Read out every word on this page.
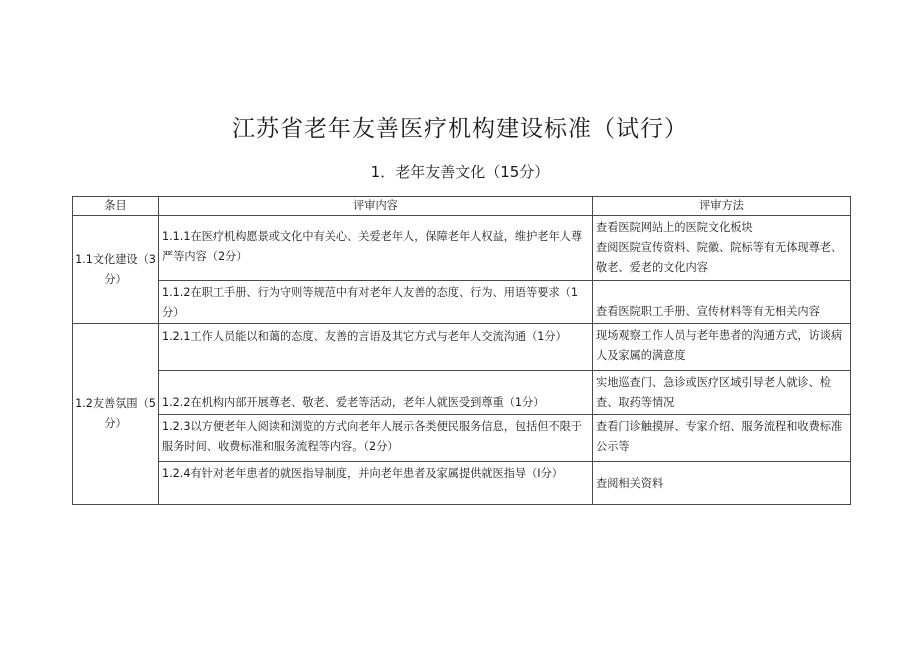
江苏省老年友善医疗机构建设标准（试行）
1．老年友善文化（15分）
条目	评审内容	评审方法
1.1文化建设（3分）	1.1.1在医疗机构愿景或文化中有关心、关爱老年人，保障老年人权益，维护老年人尊严等内容（2分）	查看医院网站上的医院文化板块
查阅医院宣传资料、院徽、院标等有无体现尊老、敬老、爱老的文化内容
	1.1.2在职工手册、行为守则等规范中有对老年人友善的态度、行为、用语等要求（1分）	查看医院职工手册、宣传材料等有无相关内容
1.2友善氛围（5分）	1.2.1工作人员能以和蔼的态度、友善的言语及其它方式与老年人交流沟通（1分）	现场观察工作人员与老年患者的沟通方式，访谈病人及家属的满意度
	1.2.2在机构内部开展尊老、敬老、爱老等活动，老年人就医受到尊重（1分）	实地巡查门、急诊或医疗区域引导老人就诊、检查、取药等情况
	1.2.3以方便老年人阅读和浏览的方式向老年人展示各类便民服务信息，包括但不限于服务时间、收费标准和服务流程等内容。（2分）	查看门诊触摸屏、专家介绍、服务流程和收费标准公示等
	1.2.4有针对老年患者的就医指导制度，并向老年患者及家属提供就医指导（I分）	查阅相关资料
